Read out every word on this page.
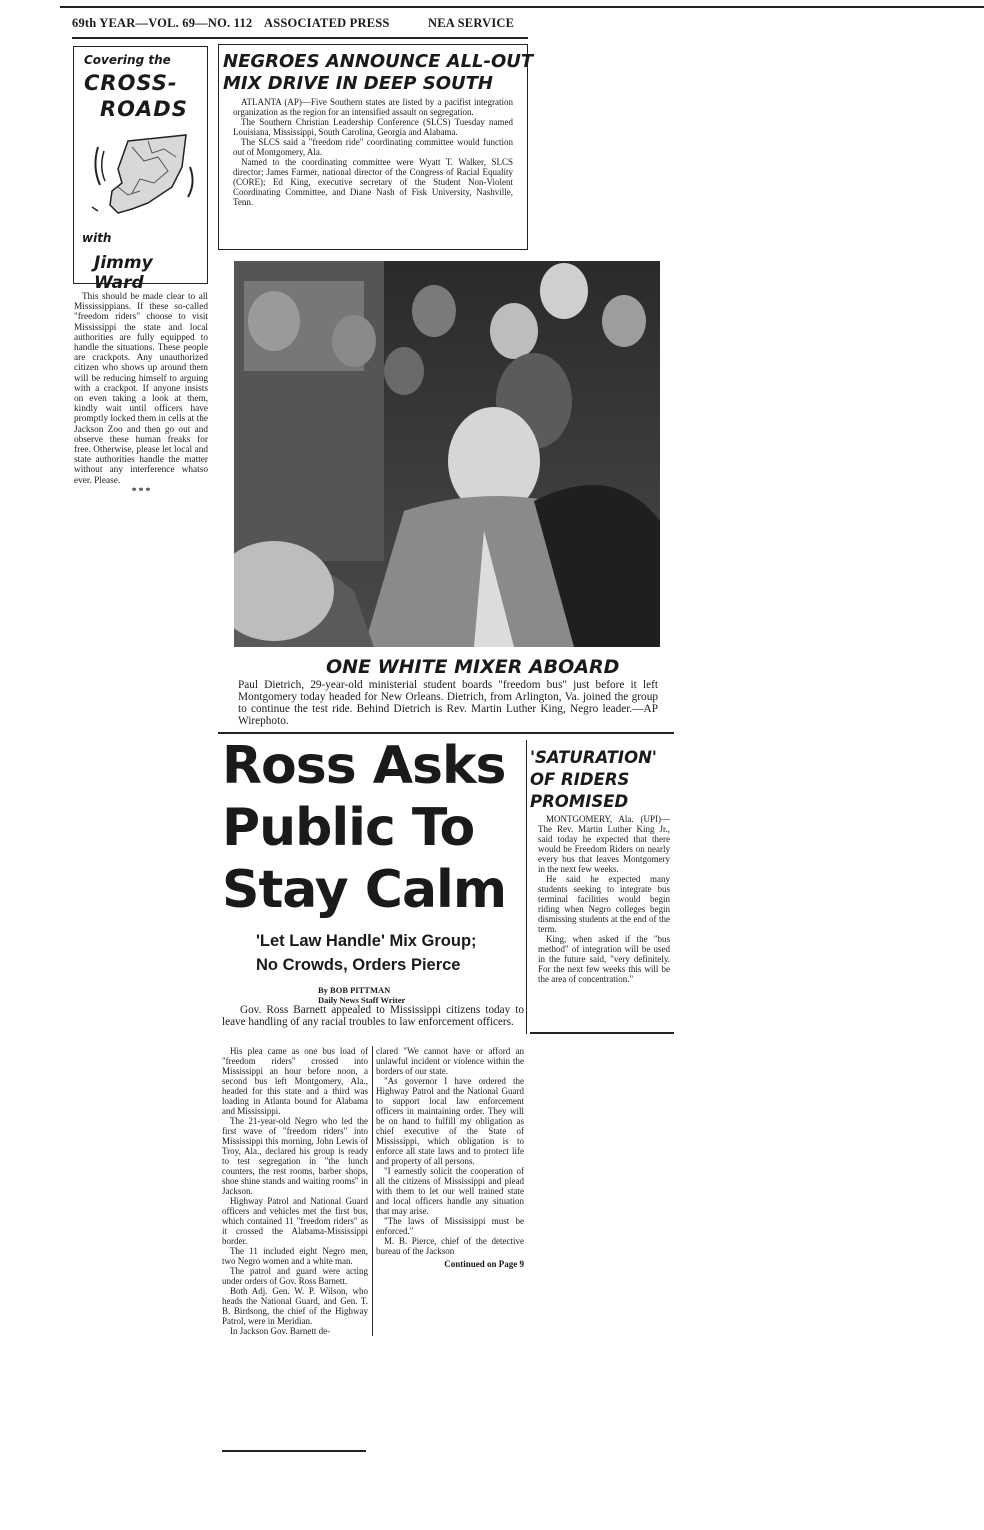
69th YEAR—VOL. 69—NO. 112 ASSOCIATED PRESS	NEA SERVICE
Covering the
CROSS-
ROADS
with
Jimmy Ward

This should be made clear to all Mississippians. If these so-called "freedom riders" choose to visit Mississippi the state and local authorities are fully equipped to handle the situations. These people are crackpots. Any unauthorized citizen who shows up around them will be reducing himself to arguing with a crackpot. If anyone insists on even taking a look at them, kindly wait until officers have promptly locked them in cells at the Jackson Zoo and then go out and observe these human freaks for free. Otherwise, please let local and state authorities handle the matter without any interference whatso ever. Please.

* * *
NEGROES ANNOUNCE ALL-OUT
MIX DRIVE IN DEEP SOUTH

ATLANTA (AP)—Five Southern states are listed by a pacifist integration organization as the region for an intensified assault on segregation.

The Southern Christian Leadership Conference (SLCS) Tuesday named Louisiana, Mississippi, South Carolina, Georgia and Alabama.

The SLCS said a "freedom ride" coordinating committee would function out of Montgomery, Ala.

Named to the coordinating committee were Wyatt T. Walker, SLCS director; James Farmer, national director of the Congress of Racial Equality (CORE); Ed King, executive secretary of the Student Non-Violent Coordinating Committee, and Diane Nash of Fisk University, Nashville, Tenn.

ONE WHITE MIXER ABOARD
Paul Dietrich, 29-year-old ministerial student boards "freedom bus" just before it left Montgomery today headed for New Orleans. Dietrich, from Arlington, Va. joined the group to continue the test ride. Behind Dietrich is Rev. Martin Luther King, Negro leader.—AP Wirephoto.
Ross Asks
Public To
Stay Calm
'Let Law Handle' Mix Group;
No Crowds, Orders Pierce
By BOB PITTMAN
Daily News Staff Writer
Gov. Ross Barnett appealed to Mississippi citizens today to leave handling of any racial troubles to law enforcement officers.

His plea came as one bus load of "freedom riders" crossed into Mississippi an hour before noon, a second bus left Montgomery, Ala., headed for this state and a third was loading in Atlanta bound for Alabama and Mississippi.

The 21-year-old Negro who led the first wave of "freedom riders" into Mississippi this morning, John Lewis of Troy, Ala., declared his group is ready to test segregation in "the lunch counters, the rest rooms, barber shops, shoe shine stands and waiting rooms" in Jackson.

Highway Patrol and National Guard officers and vehicles met the first bus, which contained 11 "freedom riders" as it crossed the Alabama-Mississippi border.

The 11 included eight Negro men, two Negro women and a white man.

The patrol and guard were acting under orders of Gov. Ross Barnett.

Both Adj. Gen. W. P. Wilson, who heads the National Guard, and Gen. T. B. Birdsong, the chief of the Highway Patrol, were in Meridian.

In Jackson Gov. Barnett de-

clared "We cannot have or afford an unlawful incident or violence within the borders of our state.

"As governor I have ordered the Highway Patrol and the National Guard to support local law enforcement officers in maintaining order. They will be on hand to fulfill my obligation as chief executive of the State of Mississippi, which obligation is to enforce all state laws and to protect life and property of all persons.

"I earnestly solicit the cooperation of all the citizens of Mississippi and plead with them to let our well trained state and local officers handle any situation that may arise.

"The laws of Mississippi must be enforced."

M. B. Pierce, chief of the detective bureau of the Jackson

Continued on Page 9
'SATURATION'
OF RIDERS
PROMISED

MONTGOMERY, Ala. (UPI)—The Rev. Martin Luther King Jr., said today he expected that there would be Freedom Riders on nearly every bus that leaves Montgomery in the next few weeks.

He said he expected many students seeking to integrate bus terminal facilities would begin riding when Negro colleges begin dismissing students at the end of the term.

King, when asked if the "bus method" of integration will be used in the future said, "very definitely. For the next few weeks this will be the area of concentration."
